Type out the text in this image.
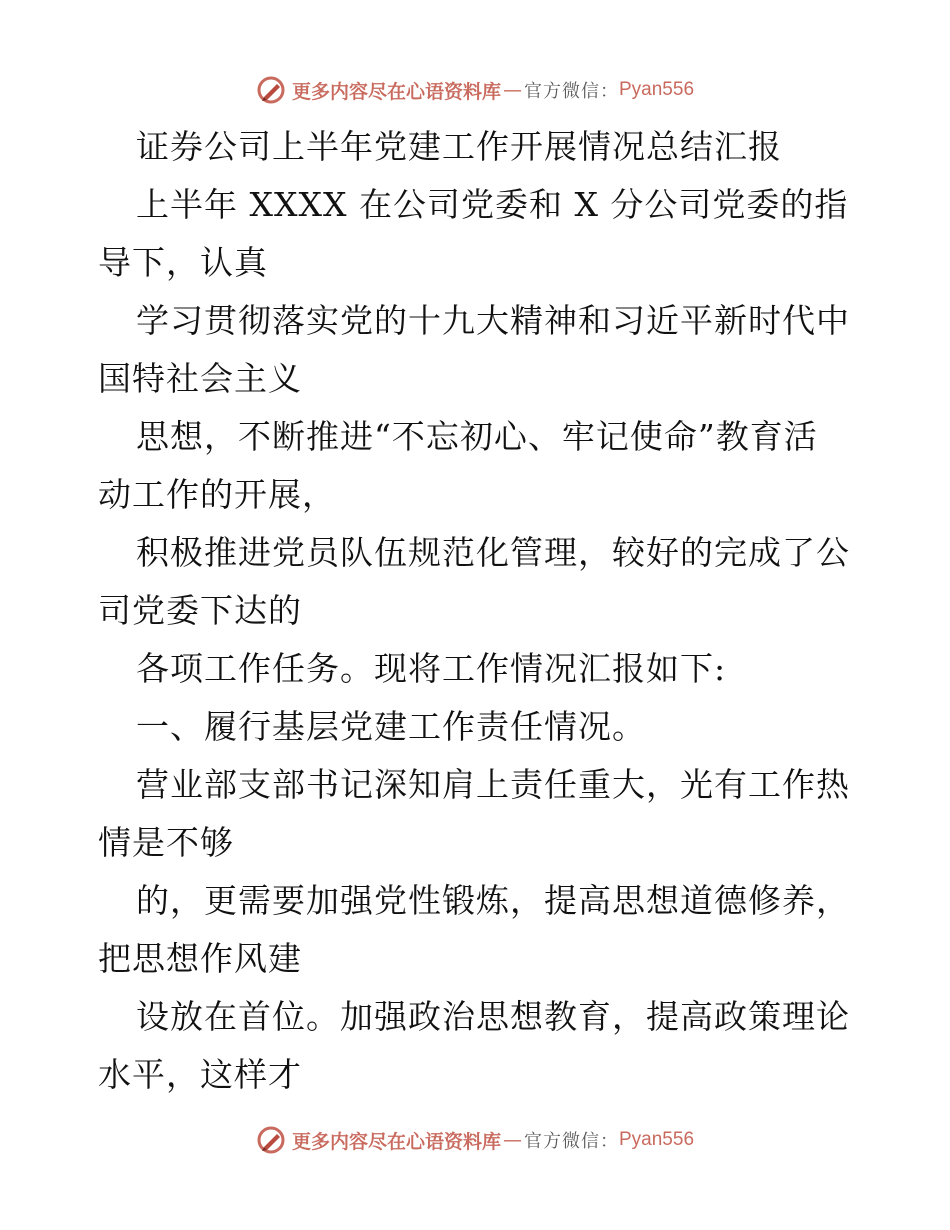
更多内容尽在心语资料库 — 官方微信： Pyan556
证券公司上半年党建工作开展情况总结汇报
上半年 XXXX 在公司党委和 X 分公司党委的指
导下，认真
学习贯彻落实党的十九大精神和习近平新时代中
国特社会主义
思想，不断推进“不忘初心、牢记使命”教育活
动工作的开展，
积极推进党员队伍规范化管理，较好的完成了公
司党委下达的
各项工作任务。现将工作情况汇报如下:
一、履行基层党建工作责任情况。
营业部支部书记深知肩上责任重大，光有工作热
情是不够
的，更需要加强党性锻炼，提高思想道德修养，
把思想作风建
设放在首位。加强政治思想教育，提高政策理论
水平，这样才
更多内容尽在心语资料库 — 官方微信： Pyan556
